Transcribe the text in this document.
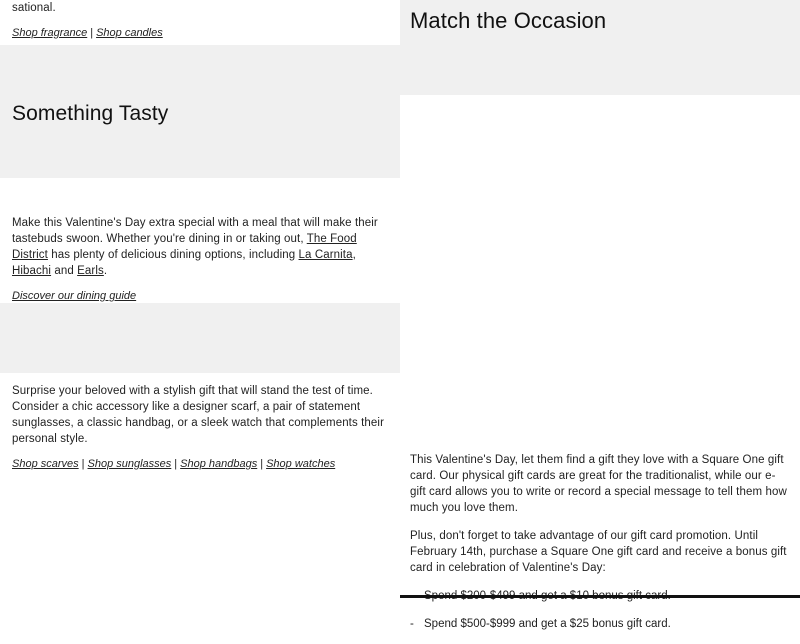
sational.

Shop fragrance | Shop candles
Something Tasty

Make this Valentine's Day extra special with a meal that will make their tastebuds swoon. Whether you're dining in or taking out, The Food District has plenty of delicious dining options, including La Carnita, Hibachi and Earls.

Discover our dining guide

Surprise your beloved with a stylish gift that will stand the test of time. Consider a chic accessory like a designer scarf, a pair of statement sunglasses, a classic handbag, or a sleek watch that complements their personal style.

Shop scarves | Shop sunglasses | Shop handbags | Shop watches
Match the Occasion

This Valentine's Day, let them find a gift they love with a Square One gift card. Our physical gift cards are great for the traditionalist, while our e-gift card allows you to write or record a special message to tell them how much you love them.

Plus, don't forget to take advantage of our gift card promotion. Until February 14th, purchase a Square One gift card and receive a bonus gift card in celebration of Valentine's Day:

- Spend $500-$999 and get a $25 bonus gift card.
